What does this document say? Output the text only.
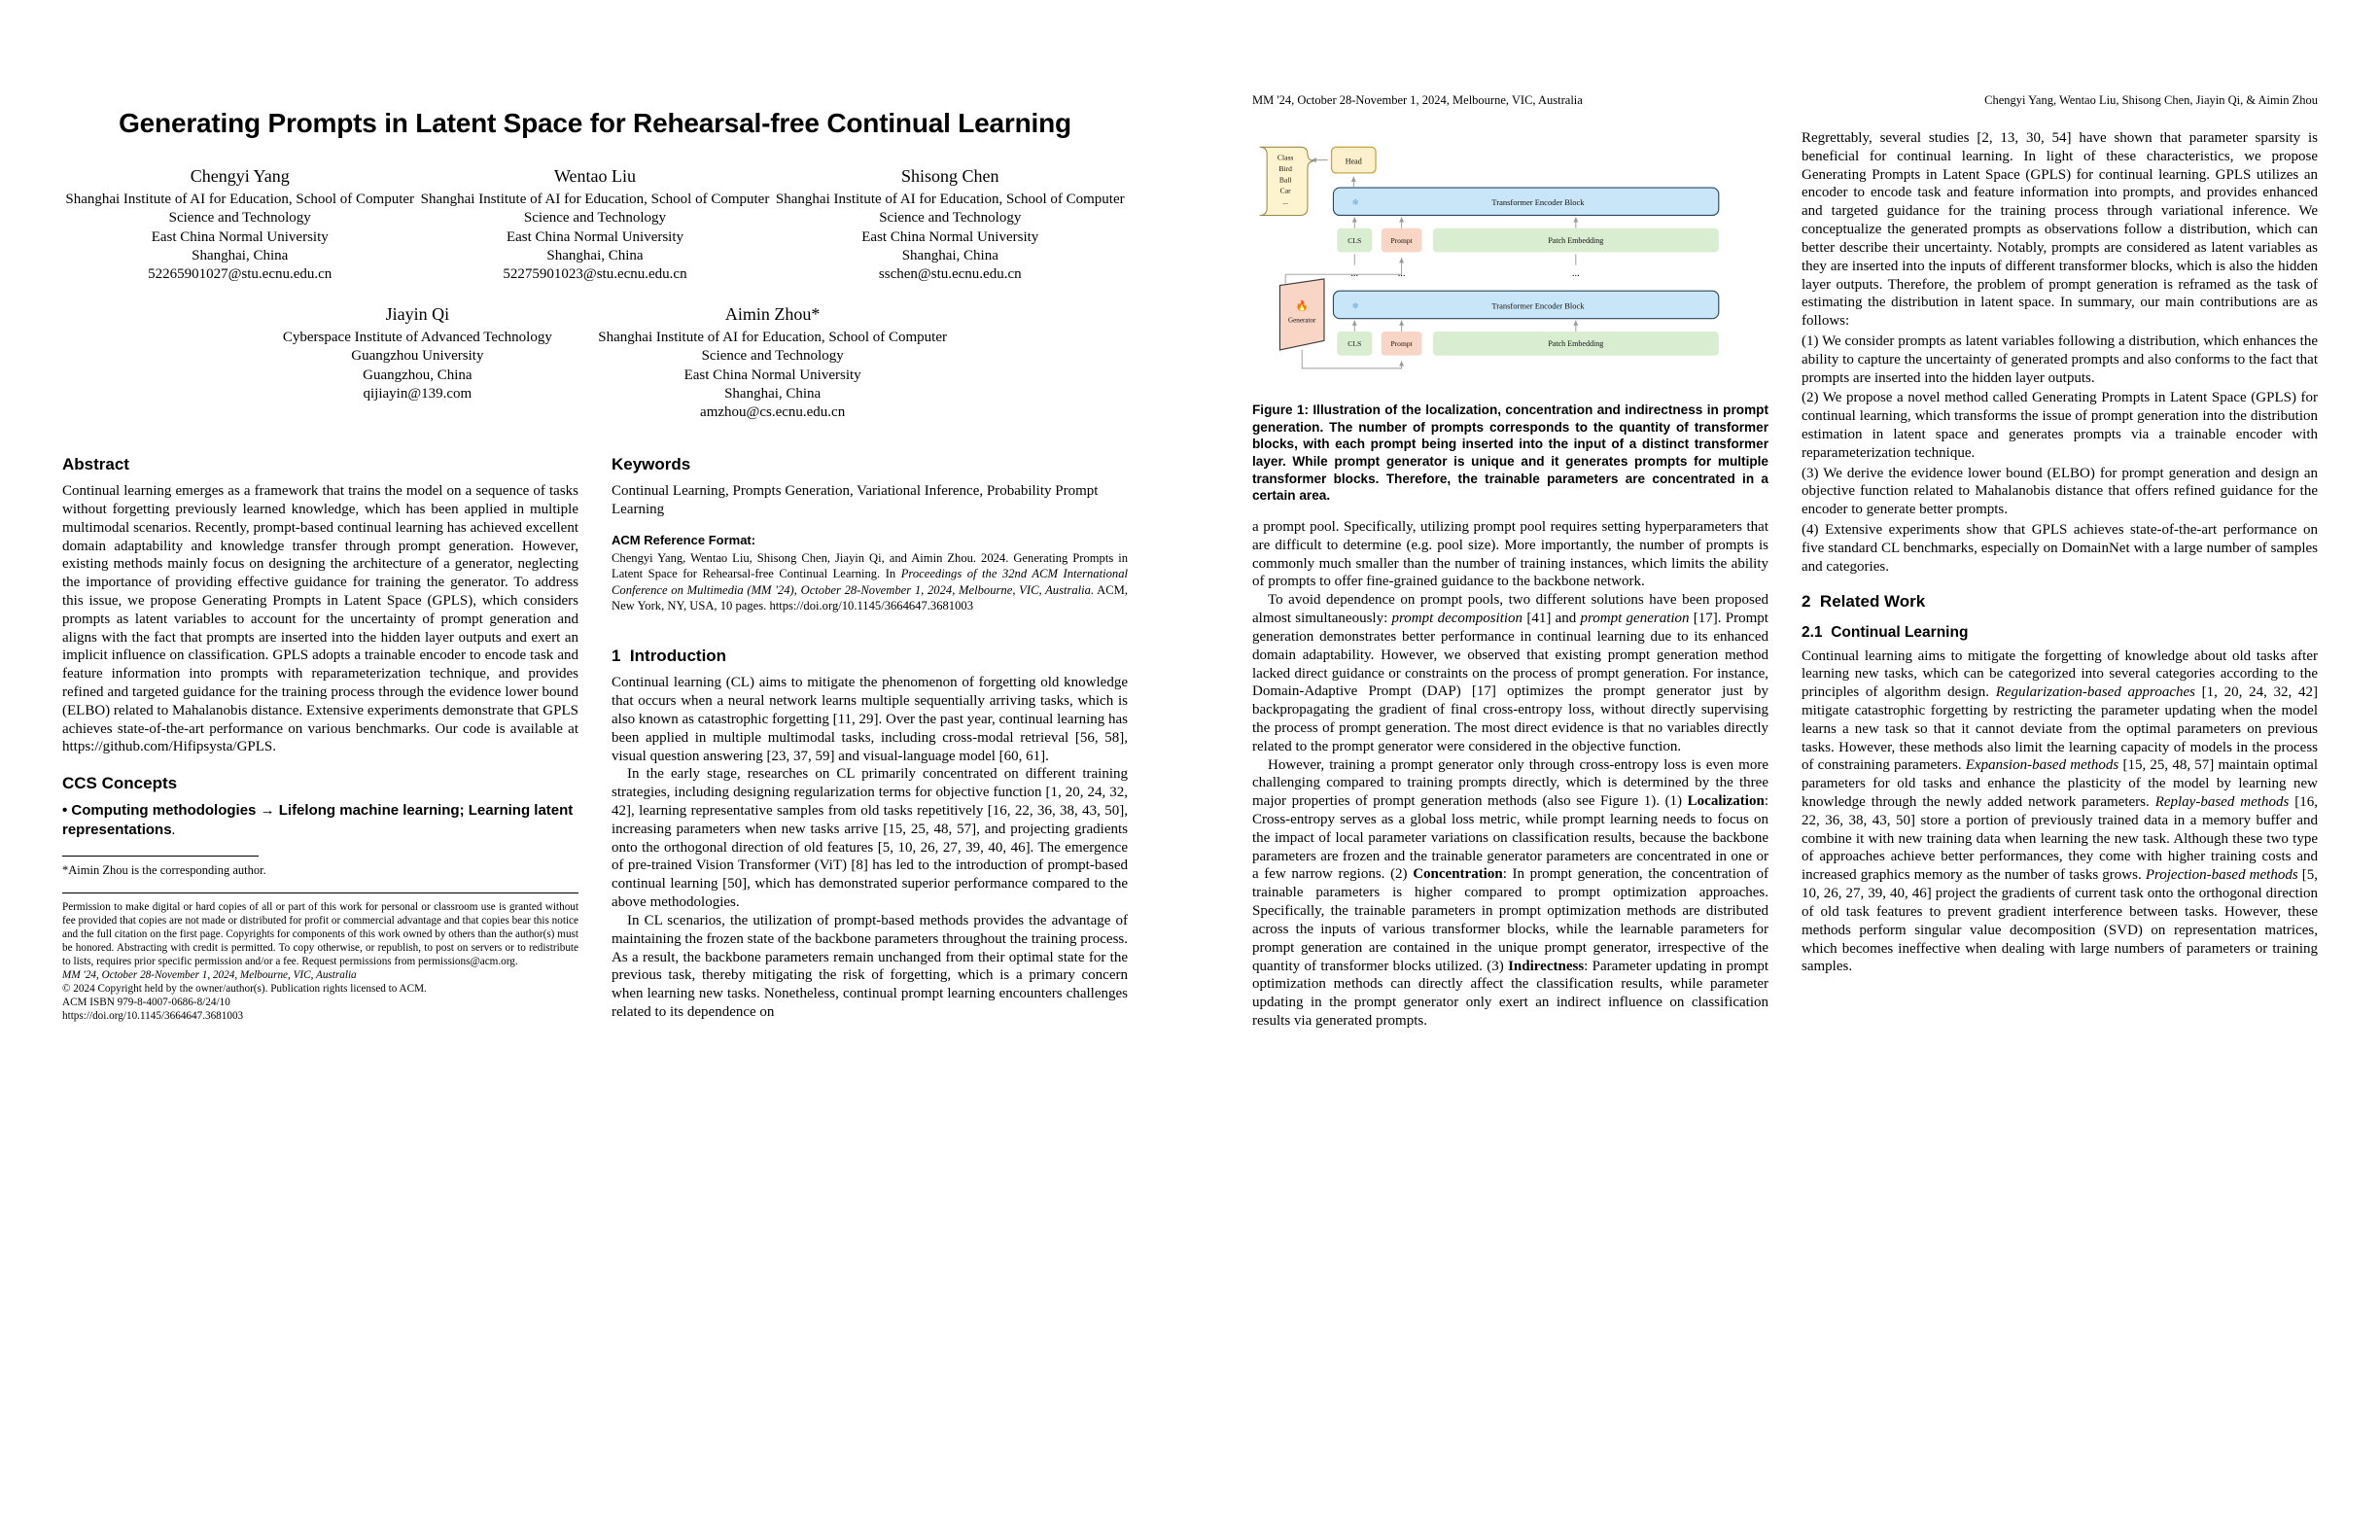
Generating Prompts in Latent Space for Rehearsal-free Continual Learning
Chengyi Yang
Shanghai Institute of AI for Education, School of Computer Science and Technology
East China Normal University
Shanghai, China
52265901027@stu.ecnu.edu.cn
Wentao Liu
Shanghai Institute of AI for Education, School of Computer Science and Technology
East China Normal University
Shanghai, China
52275901023@stu.ecnu.edu.cn
Shisong Chen
Shanghai Institute of AI for Education, School of Computer Science and Technology
East China Normal University
Shanghai, China
sschen@stu.ecnu.edu.cn
Jiayin Qi
Cyberspace Institute of Advanced Technology
Guangzhou University
Guangzhou, China
qijiayin@139.com
Aimin Zhou*
Shanghai Institute of AI for Education, School of Computer Science and Technology
East China Normal University
Shanghai, China
amzhou@cs.ecnu.edu.cn
Abstract

Continual learning emerges as a framework that trains the model on a sequence of tasks without forgetting previously learned knowledge, which has been applied in multiple multimodal scenarios. Recently, prompt-based continual learning has achieved excellent domain adaptability and knowledge transfer through prompt generation. However, existing methods mainly focus on designing the architecture of a generator, neglecting the importance of providing effective guidance for training the generator. To address this issue, we propose Generating Prompts in Latent Space (GPLS), which considers prompts as latent variables to account for the uncertainty of prompt generation and aligns with the fact that prompts are inserted into the hidden layer outputs and exert an implicit influence on classification. GPLS adopts a trainable encoder to encode task and feature information into prompts with reparameterization technique, and provides refined and targeted guidance for the training process through the evidence lower bound (ELBO) related to Mahalanobis distance. Extensive experiments demonstrate that GPLS achieves state-of-the-art performance on various benchmarks. Our code is available at https://github.com/Hifipsysta/GPLS.

CCS Concepts
• Computing methodologies → Lifelong machine learning; Learning latent representations.
*Aimin Zhou is the corresponding author.
Permission to make digital or hard copies of all or part of this work for personal or classroom use is granted without fee provided that copies are not made or distributed for profit or commercial advantage and that copies bear this notice and the full citation on the first page. Copyrights for components of this work owned by others than the author(s) must be honored. Abstracting with credit is permitted. To copy otherwise, or republish, to post on servers or to redistribute to lists, requires prior specific permission and/or a fee. Request permissions from permissions@acm.org.
MM '24, October 28-November 1, 2024, Melbourne, VIC, Australia
© 2024 Copyright held by the owner/author(s). Publication rights licensed to ACM.
ACM ISBN 979-8-4007-0686-8/24/10
https://doi.org/10.1145/3664647.3681003
Keywords
Continual Learning, Prompts Generation, Variational Inference, Probability Prompt Learning
ACM Reference Format:
Chengyi Yang, Wentao Liu, Shisong Chen, Jiayin Qi, and Aimin Zhou. 2024. Generating Prompts in Latent Space for Rehearsal-free Continual Learning. In Proceedings of the 32nd ACM International Conference on Multimedia (MM '24), October 28-November 1, 2024, Melbourne, VIC, Australia. ACM, New York, NY, USA, 10 pages. https://doi.org/10.1145/3664647.3681003
1 Introduction

Continual learning (CL) aims to mitigate the phenomenon of forgetting old knowledge that occurs when a neural network learns multiple sequentially arriving tasks, which is also known as catastrophic forgetting [11, 29]. Over the past year, continual learning has been applied in multiple multimodal tasks, including cross-modal retrieval [56, 58], visual question answering [23, 37, 59] and visual-language model [60, 61].

In the early stage, researches on CL primarily concentrated on different training strategies, including designing regularization terms for objective function [1, 20, 24, 32, 42], learning representative samples from old tasks repetitively [16, 22, 36, 38, 43, 50], increasing parameters when new tasks arrive [15, 25, 48, 57], and projecting gradients onto the orthogonal direction of old features [5, 10, 26, 27, 39, 40, 46]. The emergence of pre-trained Vision Transformer (ViT) [8] has led to the introduction of prompt-based continual learning [50], which has demonstrated superior performance compared to the above methodologies.

In CL scenarios, the utilization of prompt-based methods provides the advantage of maintaining the frozen state of the backbone parameters throughout the training process. As a result, the backbone parameters remain unchanged from their optimal state for the previous task, thereby mitigating the risk of forgetting, which is a primary concern when learning new tasks. Nonetheless, continual prompt learning encounters challenges related to its dependence on

MM '24, October 28-November 1, 2024, Melbourne, VIC, Australia	Chengyi Yang, Wentao Liu, Shisong Chen, Jiayin Qi, & Aimin Zhou
Class
Bird
Ball
Car
...
Head
Transformer Encoder Block
❄
CLS	Prompt	Patch Embedding
...	...	...
🔥
Generator
Transformer Encoder Block
❄
CLS	Prompt	Patch Embedding
Figure 1: Illustration of the localization, concentration and indirectness in prompt generation. The number of prompts corresponds to the quantity of transformer blocks, with each prompt being inserted into the input of a distinct transformer layer. While prompt generator is unique and it generates prompts for multiple transformer blocks. Therefore, the trainable parameters are concentrated in a certain area.

a prompt pool. Specifically, utilizing prompt pool requires setting hyperparameters that are difficult to determine (e.g. pool size). More importantly, the number of prompts is commonly much smaller than the number of training instances, which limits the ability of prompts to offer fine-grained guidance to the backbone network.

To avoid dependence on prompt pools, two different solutions have been proposed almost simultaneously: prompt decomposition [41] and prompt generation [17]. Prompt generation demonstrates better performance in continual learning due to its enhanced domain adaptability. However, we observed that existing prompt generation method lacked direct guidance or constraints on the process of prompt generation. For instance, Domain-Adaptive Prompt (DAP) [17] optimizes the prompt generator just by backpropagating the gradient of final cross-entropy loss, without directly supervising the process of prompt generation. The most direct evidence is that no variables directly related to the prompt generator were considered in the objective function.

However, training a prompt generator only through cross-entropy loss is even more challenging compared to training prompts directly, which is determined by the three major properties of prompt generation methods (also see Figure 1). (1) Localization: Cross-entropy serves as a global loss metric, while prompt learning needs to focus on the impact of local parameter variations on classification results, because the backbone parameters are frozen and the trainable generator parameters are concentrated in one or a few narrow regions. (2) Concentration: In prompt generation, the concentration of trainable parameters is higher compared to prompt optimization approaches. Specifically, the trainable parameters in prompt optimization methods are distributed across the inputs of various transformer blocks, while the learnable parameters for prompt generation are contained in the unique prompt generator, irrespective of the quantity of transformer blocks utilized. (3) Indirectness: Parameter updating in prompt optimization methods can directly affect the classification results, while parameter updating in the prompt generator only exert an indirect influence on classification results via generated prompts.

Regrettably, several studies [2, 13, 30, 54] have shown that parameter sparsity is beneficial for continual learning. In light of these characteristics, we propose Generating Prompts in Latent Space (GPLS) for continual learning. GPLS utilizes an encoder to encode task and feature information into prompts, and provides enhanced and targeted guidance for the training process through variational inference. We conceptualize the generated prompts as observations follow a distribution, which can better describe their uncertainty. Notably, prompts are considered as latent variables as they are inserted into the inputs of different transformer blocks, which is also the hidden layer outputs. Therefore, the problem of prompt generation is reframed as the task of estimating the distribution in latent space. In summary, our main contributions are as follows:

(1) We consider prompts as latent variables following a distribution, which enhances the ability to capture the uncertainty of generated prompts and also conforms to the fact that prompts are inserted into the hidden layer outputs.

(2) We propose a novel method called Generating Prompts in Latent Space (GPLS) for continual learning, which transforms the issue of prompt generation into the distribution estimation in latent space and generates prompts via a trainable encoder with reparameterization technique.

(3) We derive the evidence lower bound (ELBO) for prompt generation and design an objective function related to Mahalanobis distance that offers refined guidance for the encoder to generate better prompts.

(4) Extensive experiments show that GPLS achieves state-of-the-art performance on five standard CL benchmarks, especially on DomainNet with a large number of samples and categories.

2 Related Work
2.1 Continual Learning

Continual learning aims to mitigate the forgetting of knowledge about old tasks after learning new tasks, which can be categorized into several categories according to the principles of algorithm design. Regularization-based approaches [1, 20, 24, 32, 42] mitigate catastrophic forgetting by restricting the parameter updating when the model learns a new task so that it cannot deviate from the optimal parameters on previous tasks. However, these methods also limit the learning capacity of models in the process of constraining parameters. Expansion-based methods [15, 25, 48, 57] maintain optimal parameters for old tasks and enhance the plasticity of the model by learning new knowledge through the newly added network parameters. Replay-based methods [16, 22, 36, 38, 43, 50] store a portion of previously trained data in a memory buffer and combine it with new training data when learning the new task. Although these two type of approaches achieve better performances, they come with higher training costs and increased graphics memory as the number of tasks grows. Projection-based methods [5, 10, 26, 27, 39, 40, 46] project the gradients of current task onto the orthogonal direction of old task features to prevent gradient interference between tasks. However, these methods perform singular value decomposition (SVD) on representation matrices, which becomes ineffective when dealing with large numbers of parameters or training samples.
